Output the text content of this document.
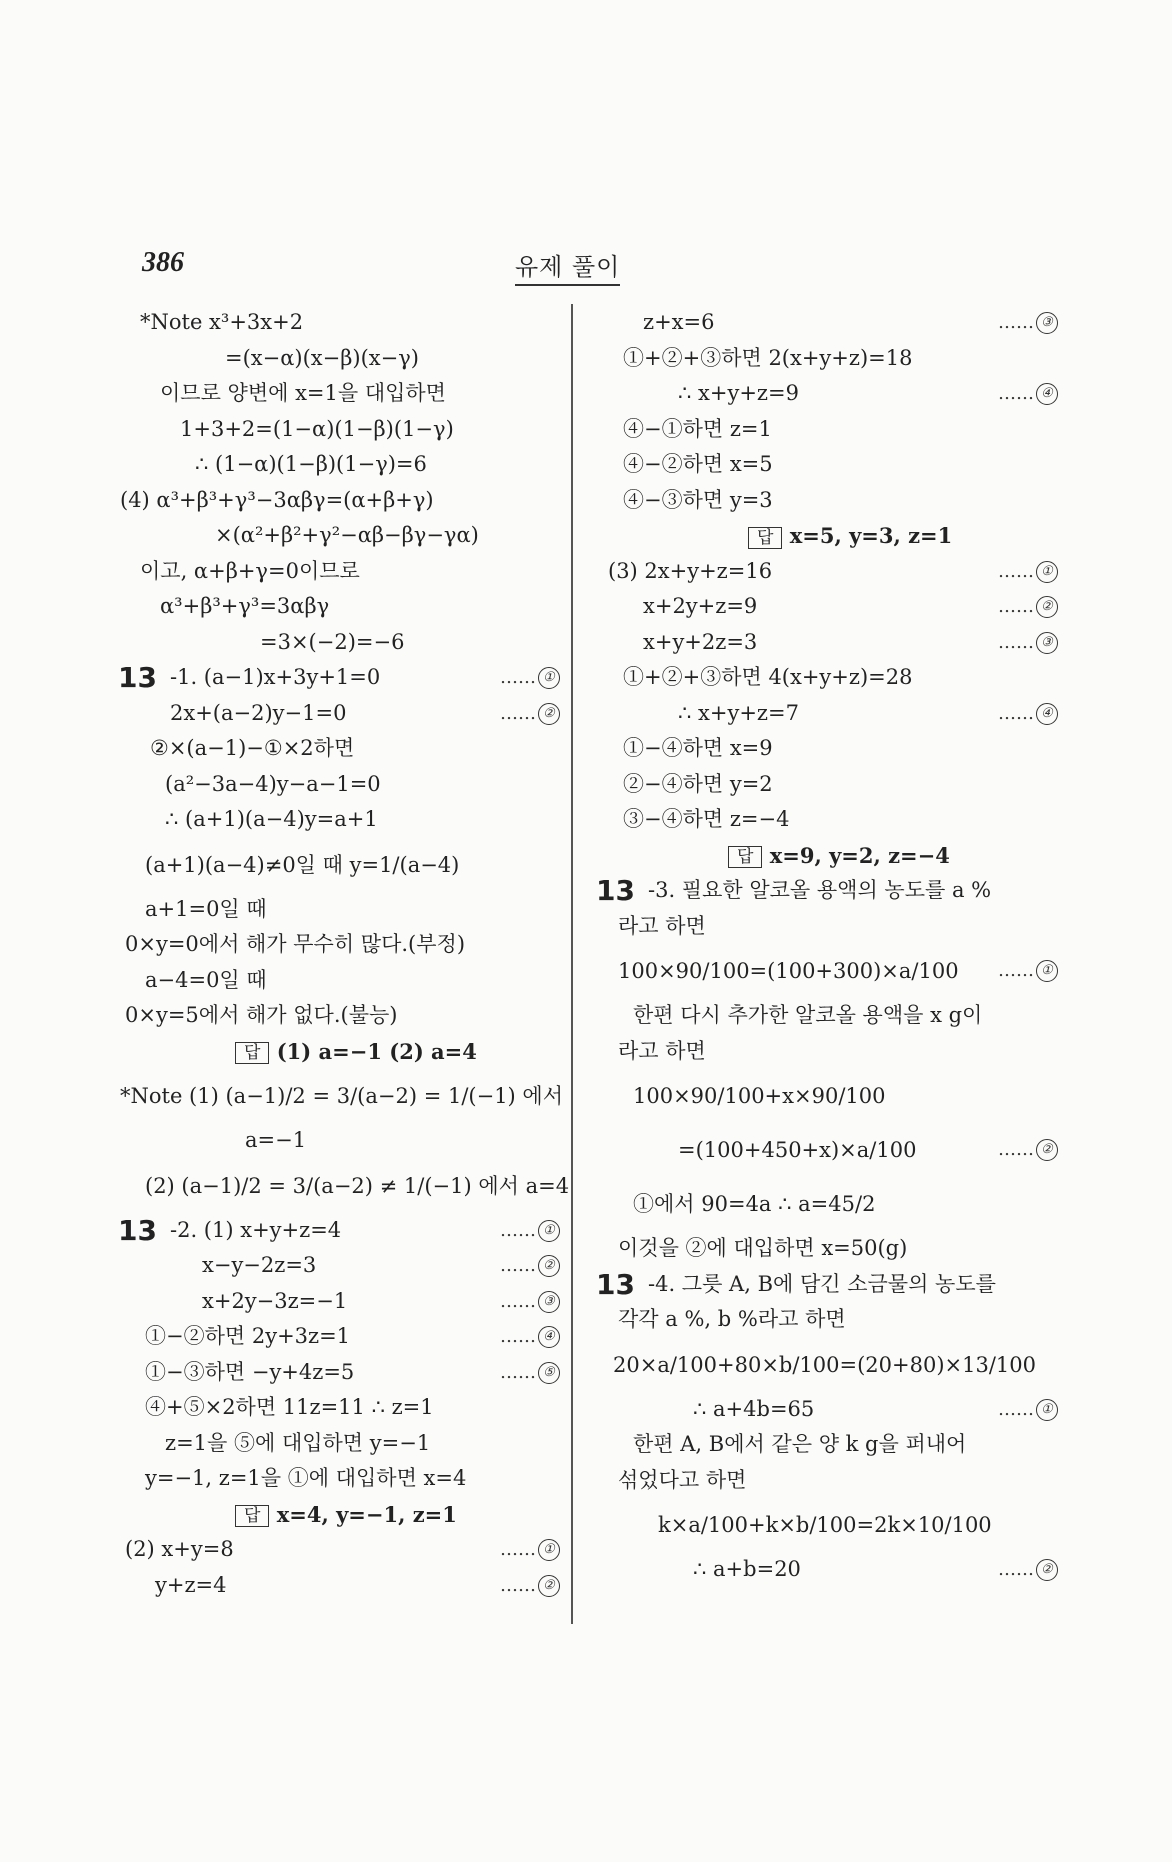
386	유제 풀이
*Note x³+3x+2
=(x−α)(x−β)(x−γ)
이므로 양변에 x=1을 대입하면
1+3+2=(1−α)(1−β)(1−γ)
∴ (1−α)(1−β)(1−γ)=6
(4) α³+β³+γ³−3αβγ=(α+β+γ)
×(α²+β²+γ²−αβ−βγ−γα)
이고, α+β+γ=0이므로
α³+β³+γ³=3αβγ
=3×(−2)=−6
13 -1. (a−1)x+3y+1=0	…… ①
2x+(a−2)y−1=0	…… ②
②×(a−1)−①×2하면
(a²−3a−4)y−a−1=0
∴ (a+1)(a−4)y=a+1
(a+1)(a−4)≠0일 때 y=1/(a−4)
a+1=0일 때
0×y=0에서 해가 무수히 많다.(부정)
a−4=0일 때
0×y=5에서 해가 없다.(불능)
답 (1) a=−1 (2) a=4
*Note (1) (a−1)/2 = 3/(a−2) = 1/(−1) 에서
a=−1
(2) (a−1)/2 = 3/(a−2) ≠ 1/(−1) 에서 a=4
13 -2. (1) x+y+z=4	…… ①
x−y−2z=3	…… ②
x+2y−3z=−1	…… ③
①−②하면 2y+3z=1	…… ④
①−③하면 −y+4z=5	…… ⑤
④+⑤×2하면 11z=11 ∴ z=1
z=1을 ⑤에 대입하면 y=−1
y=−1, z=1을 ①에 대입하면 x=4
답 x=4, y=−1, z=1
(2) x+y=8	…… ①
y+z=4	…… ②
z+x=6	…… ③
①+②+③하면 2(x+y+z)=18
∴ x+y+z=9	…… ④
④−①하면 z=1
④−②하면 x=5
④−③하면 y=3
답 x=5, y=3, z=1
(3) 2x+y+z=16	…… ①
x+2y+z=9	…… ②
x+y+2z=3	…… ③
①+②+③하면 4(x+y+z)=28
∴ x+y+z=7	…… ④
①−④하면 x=9
②−④하면 y=2
③−④하면 z=−4
답 x=9, y=2, z=−4
13 -3. 필요한 알코올 용액의 농도를 a %
라고 하면
100×90/100=(100+300)×a/100 …… ①
한편 다시 추가한 알코올 용액을 x g이
라고 하면
100×90/100+x×90/100
=(100+450+x)×a/100	…… ②
①에서 90=4a ∴ a=45/2
이것을 ②에 대입하면 x=50(g)
13 -4. 그릇 A, B에 담긴 소금물의 농도를
각각 a %, b %라고 하면
20×a/100+80×b/100=(20+80)×13/100
∴ a+4b=65	…… ①
한편 A, B에서 같은 양 k g을 퍼내어
섞었다고 하면
k×a/100+k×b/100=2k×10/100
∴ a+b=20	…… ②
